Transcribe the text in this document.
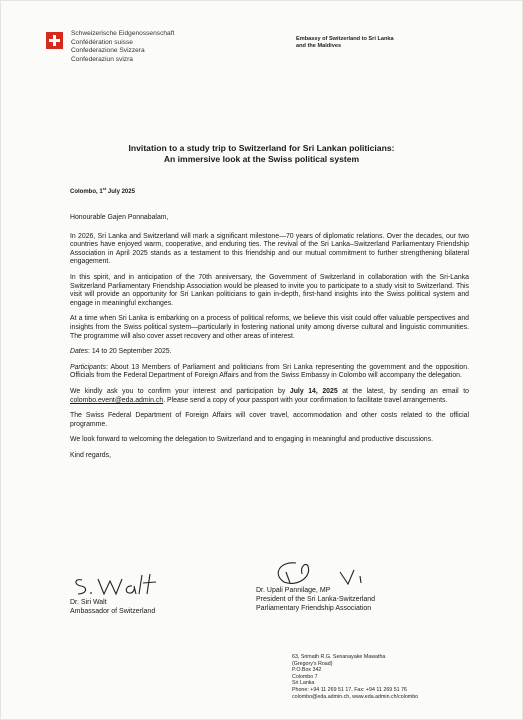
Schweizerische Eidgenossenschaft
Confédération suisse
Confederazione Svizzera
Confederaziun svizra
Embassy of Switzerland to Sri Lanka
and the Maldives
Invitation to a study trip to Switzerland for Sri Lankan politicians:
An immersive look at the Swiss political system
Colombo, 1st July 2025

Honourable Gajen Ponnabalam,

In 2026, Sri Lanka and Switzerland will mark a significant milestone—70 years of diplomatic relations. Over the decades, our two countries have enjoyed warm, cooperative, and enduring ties. The revival of the Sri Lanka–Switzerland Parliamentary Friendship Association in April 2025 stands as a testament to this friendship and our mutual commitment to further strengthening bilateral engagement.

In this spirit, and in anticipation of the 70th anniversary, the Government of Switzerland in collaboration with the Sri-Lanka Switzerland Parliamentary Friendship Association would be pleased to invite you to participate to a study visit to Switzerland. This visit will provide an opportunity for Sri Lankan politicians to gain in-depth, first-hand insights into the Swiss political system and engage in meaningful exchanges.

At a time when Sri Lanka is embarking on a process of political reforms, we believe this visit could offer valuable perspectives and insights from the Swiss political system—particularly in fostering national unity among diverse cultural and linguistic communities. The programme will also cover asset recovery and other areas of interest.

Dates: 14 to 20 September 2025.

Participants: About 13 Members of Parliament and politicians from Sri Lanka representing the government and the opposition. Officials from the Federal Department of Foreign Affairs and from the Swiss Embassy in Colombo will accompany the delegation.

We kindly ask you to confirm your interest and participation by July 14, 2025 at the latest, by sending an email to colombo.event@eda.admin.ch. Please send a copy of your passport with your confirmation to facilitate travel arrangements.

The Swiss Federal Department of Foreign Affairs will cover travel, accommodation and other costs related to the official programme.

We look forward to welcoming the delegation to Switzerland and to engaging in meaningful and productive discussions.

Kind regards,

Dr. Siri Walt
Ambassador of Switzerland
Dr. Upali Pannilage, MP
President of the Sri Lanka-Switzerland
Parliamentary Friendship Association
63, Srimath R.G. Senanayake Mawatha
(Gregory's Road)
P.O.Box 342
Colombo 7
Sri Lanka
Phone: +94 11 269 51 17, Fax: +94 11 269 51 76
colombo@eda.admin.ch, www.eda.admin.ch/colombo
